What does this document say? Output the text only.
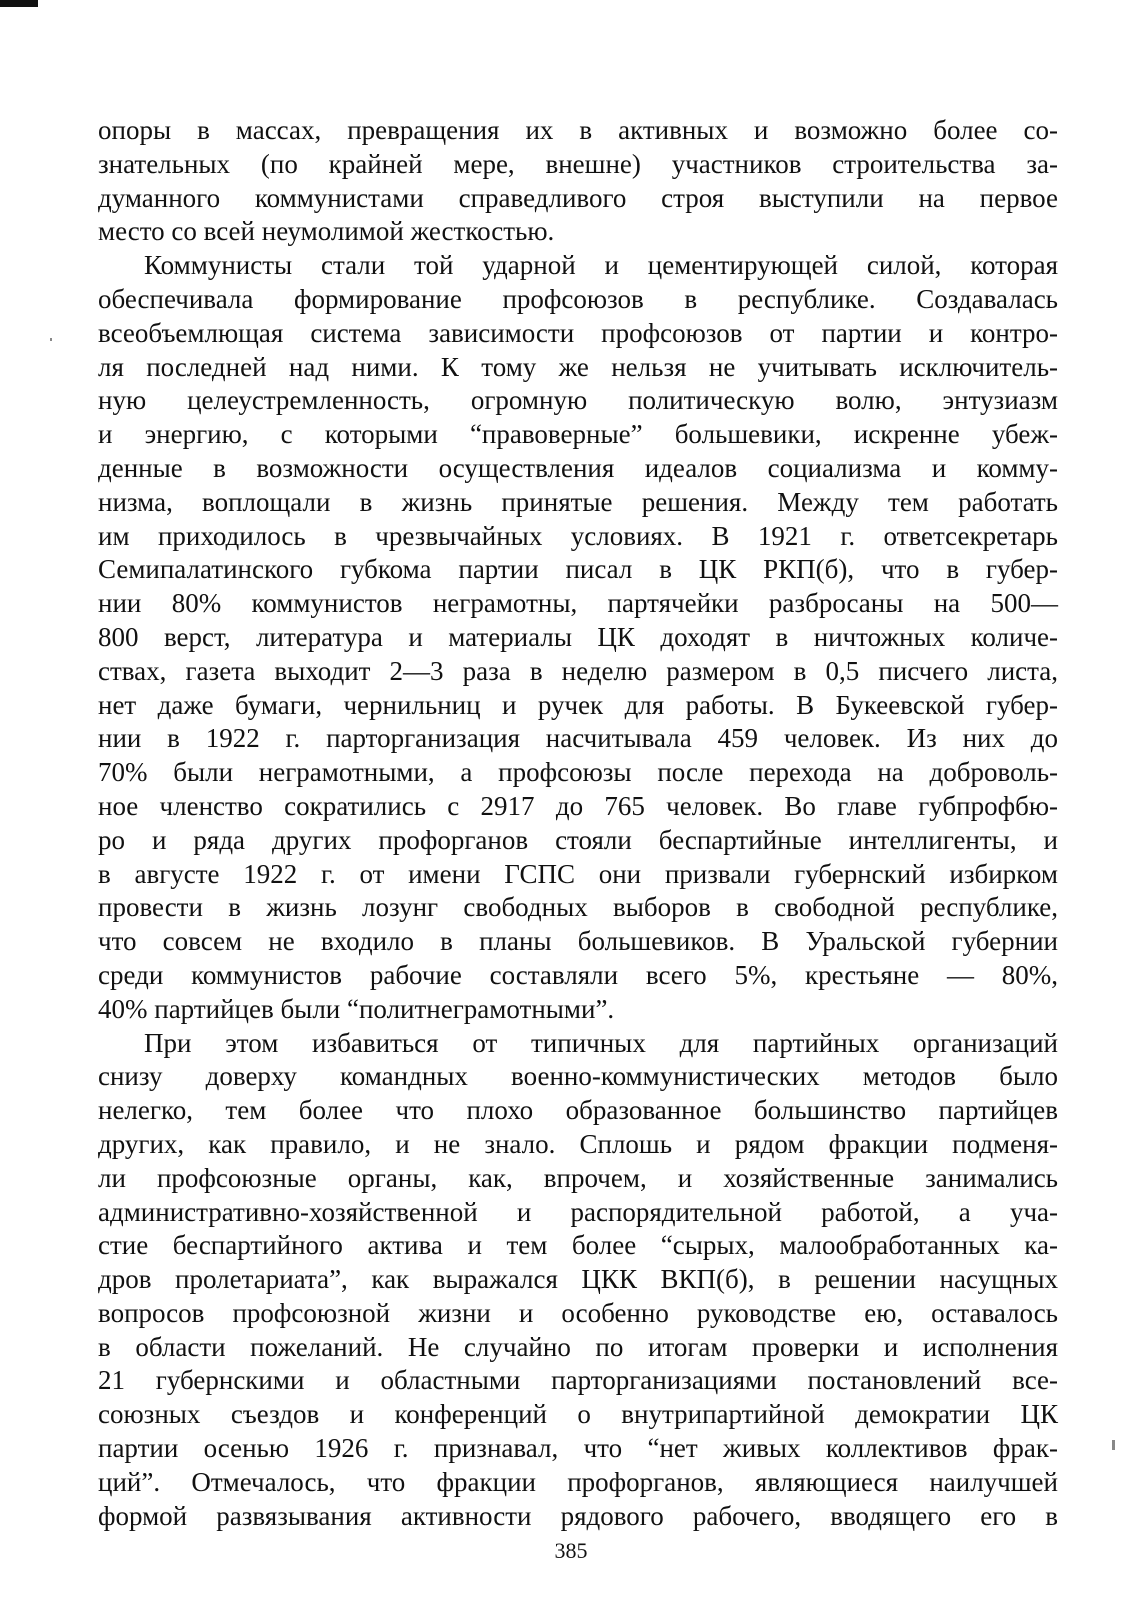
опоры в массах, превращения их в активных и возможно более со-
знательных (по крайней мере, внешне) участников строительства за-
думанного коммунистами справедливого строя выступили на первое
место со всей неумолимой жесткостью.
Коммунисты стали той ударной и цементирующей силой, которая
обеспечивала формирование профсоюзов в республике. Создавалась
всеобъемлющая система зависимости профсоюзов от партии и контро-
ля последней над ними. К тому же нельзя не учитывать исключитель-
ную целеустремленность, огромную политическую волю, энтузиазм
и энергию, с которыми “правоверные” большевики, искренне убеж-
денные в возможности осуществления идеалов социализма и комму-
низма, воплощали в жизнь принятые решения. Между тем работать
им приходилось в чрезвычайных условиях. В 1921 г. ответсекретарь
Семипалатинского губкома партии писал в ЦК РКП(б), что в губер-
нии 80% коммунистов неграмотны, партячейки разбросаны на 500—
800 верст, литература и материалы ЦК доходят в ничтожных количе-
ствах, газета выходит 2—3 раза в неделю размером в 0,5 писчего листа,
нет даже бумаги, чернильниц и ручек для работы. В Букеевской губер-
нии в 1922 г. парторганизация насчитывала 459 человек. Из них до
70% были неграмотными, а профсоюзы после перехода на доброволь-
ное членство сократились с 2917 до 765 человек. Во главе губпрофбю-
ро и ряда других профорганов стояли беспартийные интеллигенты, и
в августе 1922 г. от имени ГСПС они призвали губернский избирком
провести в жизнь лозунг свободных выборов в свободной республике,
что совсем не входило в планы большевиков. В Уральской губернии
среди коммунистов рабочие составляли всего 5%, крестьяне — 80%,
40% партийцев были “политнеграмотными”.
При этом избавиться от типичных для партийных организаций
снизу доверху командных военно-коммунистических методов было
нелегко, тем более что плохо образованное большинство партийцев
других, как правило, и не знало. Сплошь и рядом фракции подменя-
ли профсоюзные органы, как, впрочем, и хозяйственные занимались
административно-хозяйственной и распорядительной работой, а уча-
стие беспартийного актива и тем более “сырых, малообработанных ка-
дров пролетариата”, как выражался ЦКК ВКП(б), в решении насущных
вопросов профсоюзной жизни и особенно руководстве ею, оставалось
в области пожеланий. Не случайно по итогам проверки и исполнения
21 губернскими и областными парторганизациями постановлений все-
союзных съездов и конференций о внутрипартийной демократии ЦК
партии осенью 1926 г. признавал, что “нет живых коллективов фрак-
ций”. Отмечалось, что фракции профорганов, являющиеся наилучшей
формой развязывания активности рядового рабочего, вводящего его в
385
